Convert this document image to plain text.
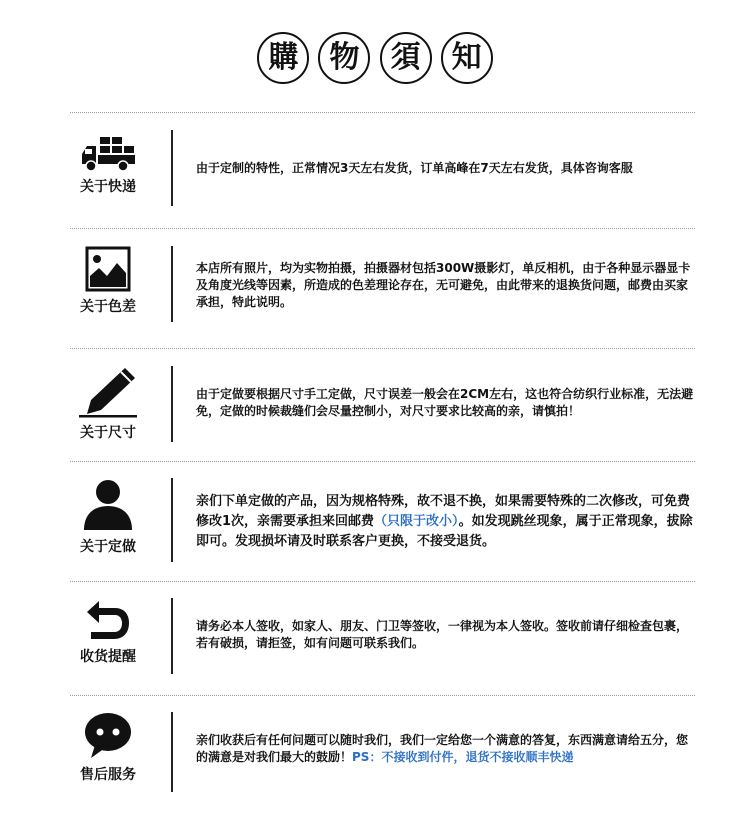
購 物 須 知
关于快递
由于定制的特性，正常情况3天左右发货，订单高峰在7天左右发货，具体咨询客服
关于色差
本店所有照片，均为实物拍摄，拍摄器材包括300W摄影灯，单反相机，由于各种显示器显卡及角度光线等因素，所造成的色差理论存在，无可避免，由此带来的退换货问题，邮费由买家承担，特此说明。
关于尺寸
由于定做要根据尺寸手工定做，尺寸误差一般会在2CM左右，这也符合纺织行业标准，无法避免，定做的时候裁缝们会尽量控制小，对尺寸要求比较高的亲，请慎拍！
关于定做
亲们下单定做的产品，因为规格特殊，故不退不换，如果需要特殊的二次修改，可免费修改1次，亲需要承担来回邮费（只限于改小）。如发现跳丝现象，属于正常现象，拔除即可。发现损坏请及时联系客户更换，不接受退货。
收货提醒
请务必本人签收，如家人、朋友、门卫等签收，一律视为本人签收。签收前请仔细检查包裹，若有破损，请拒签，如有问题可联系我们。
售后服务
亲们收获后有任何问题可以随时我们，我们一定给您一个满意的答复，东西满意请给五分，您的满意是对我们最大的鼓励！PS：不接收到付件，退货不接收顺丰快递
